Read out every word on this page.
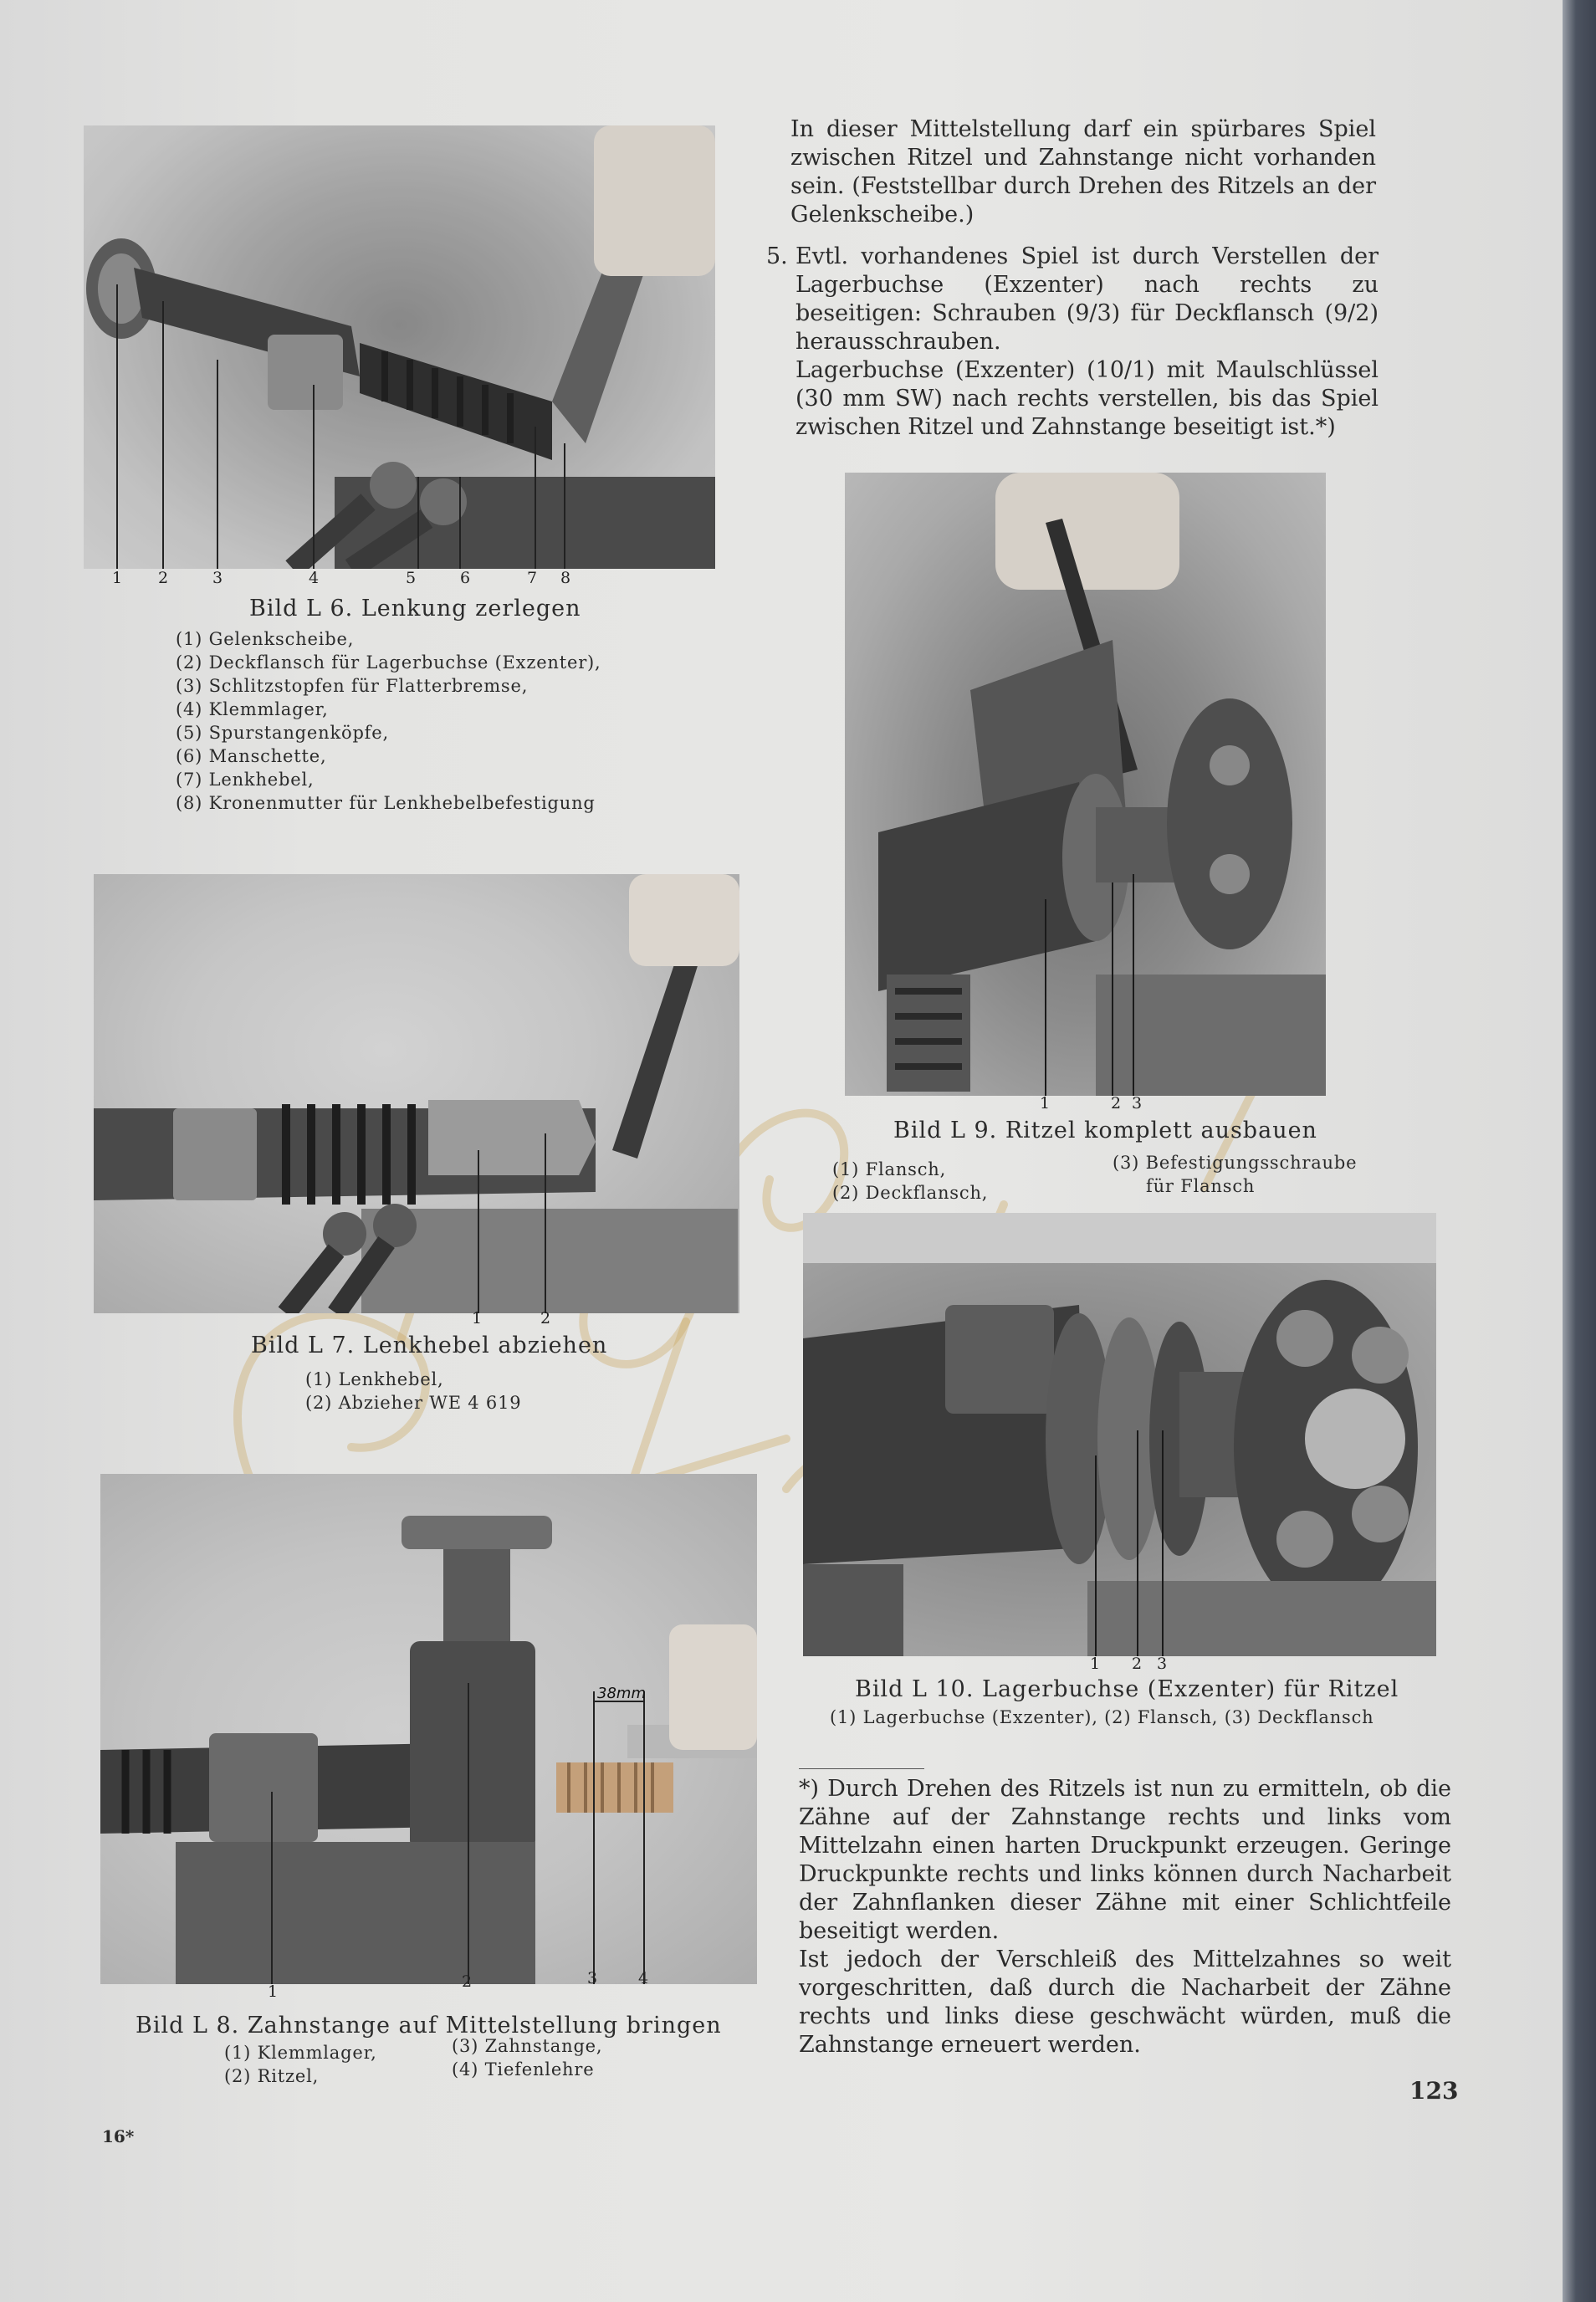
1 2	3	4	5	6	7 8
Bild L 6. Lenkung zerlegen
(1) Gelenkscheibe,
(2) Deckflansch für Lagerbuchse (Exzenter),
(3) Schlitzstopfen für Flatterbremse,
(4) Klemmlager,
(5) Spurstangenköpfe,
(6) Manschette,
(7) Lenkhebel,
(8) Kronenmutter für Lenkhebelbefestigung
1	2
Bild L 7. Lenkhebel abziehen
(1) Lenkhebel,
(2) Abzieher WE 4 619
38mm
1
2	3	4
Bild L 8. Zahnstange auf Mittelstellung bringen
(1) Klemmlager,
(2) Ritzel,
(3) Zahnstange,
(4) Tiefenlehre

In dieser Mittelstellung darf ein spürbares Spiel zwischen Ritzel und Zahnstange nicht vorhanden sein. (Feststellbar durch Drehen des Ritzels an der Gelenkscheibe.)

5. Evtl. vorhandenes Spiel ist durch Verstellen der Lagerbuchse (Exzenter) nach rechts zu beseitigen: Schrauben (9/3) für Deckflansch (9/2) herausschrauben.

Lagerbuchse (Exzenter) (10/1) mit Maulschlüssel (30 mm SW) nach rechts verstellen, bis das Spiel zwischen Ritzel und Zahnstange beseitigt ist.*)

1	2 3
Bild L 9. Ritzel komplett ausbauen
(1) Flansch,
(2) Deckflansch,
(3) Befestigungsschraube
für Flansch
1 2 3
Bild L 10. Lagerbuchse (Exzenter) für Ritzel
(1) Lagerbuchse (Exzenter), (2) Flansch, (3) Deckflansch

*) Durch Drehen des Ritzels ist nun zu ermitteln, ob die Zähne auf der Zahnstange rechts und links vom Mittelzahn einen harten Druckpunkt erzeugen. Geringe Druckpunkte rechts und links können durch Nacharbeit der Zahnflanken dieser Zähne mit einer Schlichtfeile beseitigt werden.

Ist jedoch der Verschleiß des Mittelzahnes so weit vorgeschritten, daß durch die Nacharbeit der Zähne rechts und links diese geschwächt würden, muß die Zahnstange erneuert werden.

123
16*
